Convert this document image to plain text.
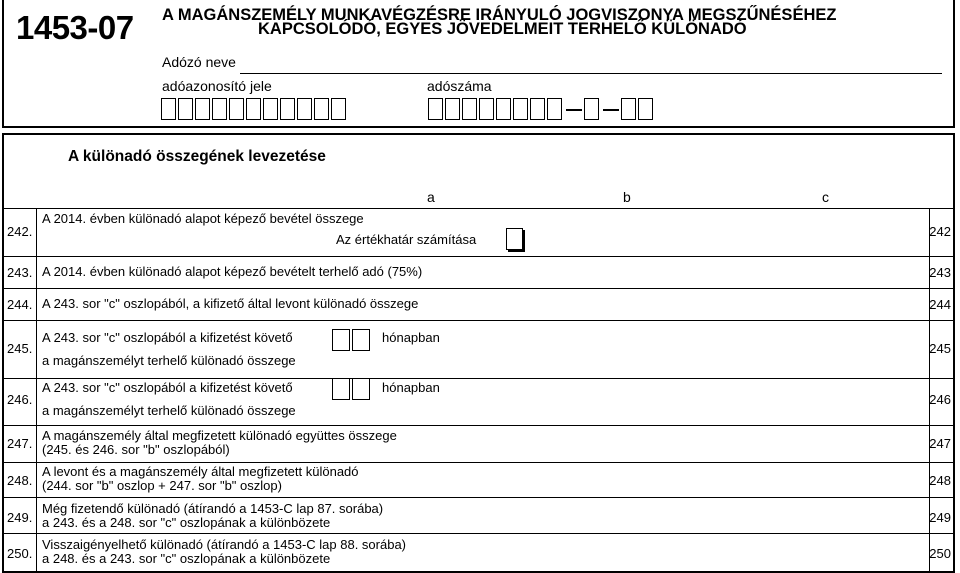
1453-07 A MAGÁNSZEMÉLY MUNKAVÉGZÉSRE IRÁNYULÓ JOGVISZONYA MEGSZŰNÉSÉHEZ
KAPCSOLÓDÓ, EGYES JÖVEDELMEIT TERHELŐ KÜLÖNADÓ
Adózó neve
adóazonosító jele	adószáma
A különadó összegének levezetése
a	b	c
242.
A 2014. évben különadó alapot képező bevétel összege
Az értékhatár számítása
242
243. A 2014. évben különadó alapot képező bevételt terhelő adó (75%)	243
244. A 243. sor "c" oszlopából, a kifizető által levont különadó összege	244
245.
A 243. sor "c" oszlopából a kifizetést követő	hónapban
a magánszemélyt terhelő különadó összege
245
246.
A 243. sor "c" oszlopából a kifizetést követő	hónapban
a magánszemélyt terhelő különadó összege
246
247.
A magánszemély által megfizetett különadó együttes összege
(245. és 246. sor "b" oszlopából)	247
248.
A levont és a magánszemély által megfizetett különadó
(244. sor "b" oszlop + 247. sor "b" oszlop)	248
249.
Még fizetendő különadó (átírandó a 1453-C lap 87. sorába)
a 243. és a 248. sor "c" oszlopának a különbözete	249
250.
Visszaigényelhető különadó (átírandó a 1453-C lap 88. sorába)
a 248. és a 243. sor "c" oszlopának a különbözete	250
